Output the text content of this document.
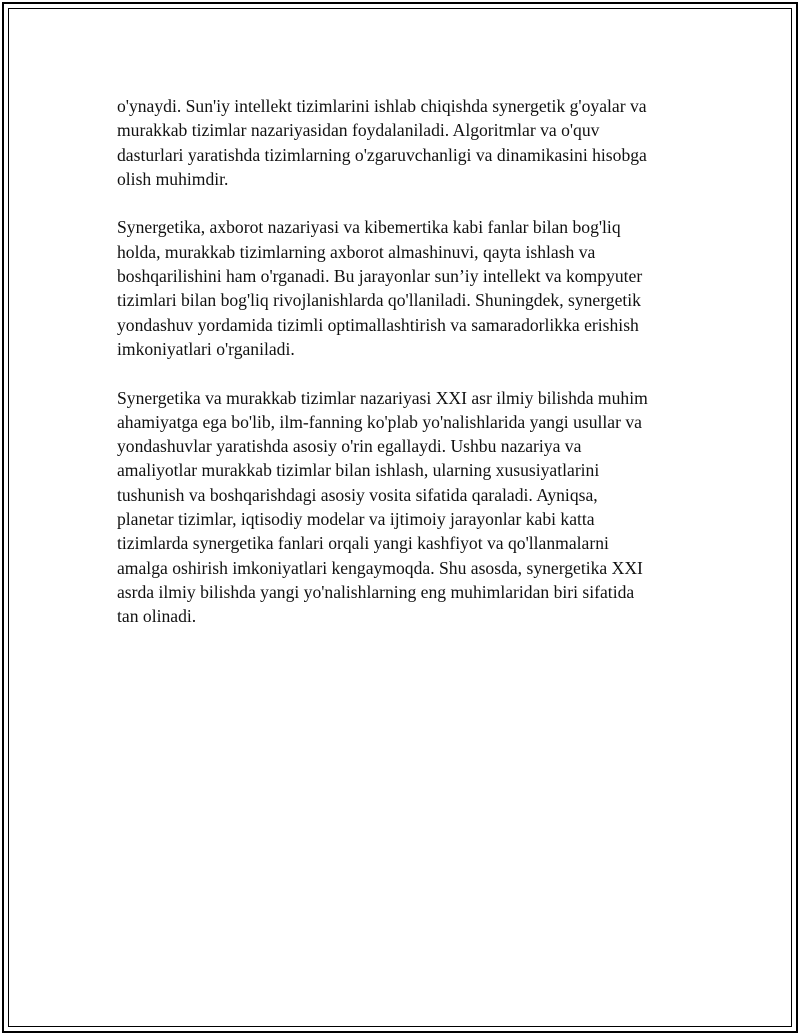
o'ynaydi. Sun'iy intellekt tizimlarini ishlab chiqishda synergetik g'oyalar va
murakkab tizimlar nazariyasidan foydalaniladi. Algoritmlar va o'quv
dasturlari yaratishda tizimlarning o'zgaruvchanligi va dinamikasini hisobga
olish muhimdir.

Synergetika, axborot nazariyasi va kibemertika kabi fanlar bilan bog'liq
holda, murakkab tizimlarning axborot almashinuvi, qayta ishlash va
boshqarilishini ham o'rganadi. Bu jarayonlar sun’iy intellekt va kompyuter
tizimlari bilan bog'liq rivojlanishlarda qo'llaniladi. Shuningdek, synergetik
yondashuv yordamida tizimli optimallashtirish va samaradorlikka erishish
imkoniyatlari o'rganiladi.

Synergetika va murakkab tizimlar nazariyasi XXI asr ilmiy bilishda muhim
ahamiyatga ega bo'lib, ilm-fanning ko'plab yo'nalishlarida yangi usullar va
yondashuvlar yaratishda asosiy o'rin egallaydi. Ushbu nazariya va
amaliyotlar murakkab tizimlar bilan ishlash, ularning xususiyatlarini
tushunish va boshqarishdagi asosiy vosita sifatida qaraladi. Ayniqsa,
planetar tizimlar, iqtisodiy modelar va ijtimoiy jarayonlar kabi katta
tizimlarda synergetika fanlari orqali yangi kashfiyot va qo'llanmalarni
amalga oshirish imkoniyatlari kengaymoqda. Shu asosda, synergetika XXI
asrda ilmiy bilishda yangi yo'nalishlarning eng muhimlaridan biri sifatida
tan olinadi.
